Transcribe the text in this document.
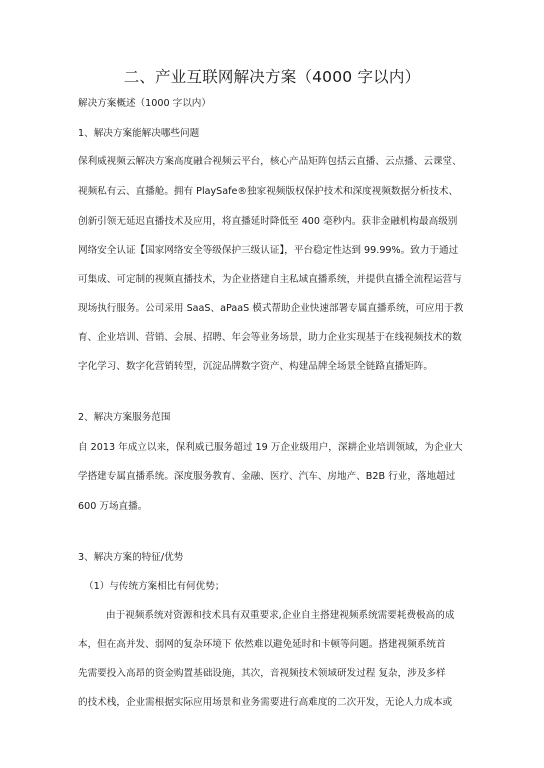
二、产业互联网解决方案（4000 字以内）
解决方案概述（1000 字以内）
1、解决方案能解决哪些问题
保利威视频云解决方案高度融合视频云平台，核心产品矩阵包括云直播、云点播、云课堂、
视频私有云、直播舱。拥有 PlaySafe®独家视频版权保护技术和深度视频数据分析技术、
创新引领无延迟直播技术及应用，将直播延时降低至 400 毫秒内。获非金融机构最高级别
网络安全认证【国家网络安全等级保护三级认证】，平台稳定性达到 99.99%。致力于通过
可集成、可定制的视频直播技术，为企业搭建自主私域直播系统，并提供直播全流程运营与
现场执行服务。公司采用 SaaS、aPaaS 模式帮助企业快速部署专属直播系统，可应用于教
育、企业培训、营销、会展、招聘、年会等业务场景，助力企业实现基于在线视频技术的数
字化学习、数字化营销转型，沉淀品牌数字资产、构建品牌全场景全链路直播矩阵。
2、解决方案服务范围
自 2013 年成立以来，保利威已服务超过 19 万企业级用户，深耕企业培训领域，为企业大
学搭建专属直播系统。深度服务教育、金融、医疗、汽车、房地产、B2B 行业，落地超过
600 万场直播。
3、解决方案的特征/优势
（1）与传统方案相比有何优势；
由于视频系统对资源和技术具有双重要求,企业自主搭建视频系统需要耗费极高的成
本，但在高并发、弱网的复杂环境下 依然难以避免延时和卡顿等问题。搭建视频系统首
先需要投入高昂的资金购置基础设施，其次，音视频技术领域研发过程 复杂，涉及多样
的技术栈，企业需根据实际应用场景和业务需要进行高难度的二次开发，无论人力成本或
